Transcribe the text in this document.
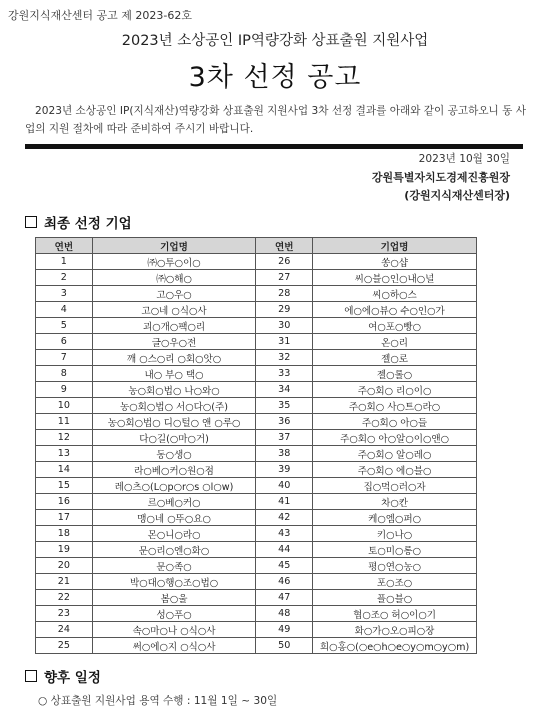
강원지식재산센터 공고 제 2023-62호
2023년 소상공인 IP역량강화 상표출원 지원사업
3차 선정 공고
2023년 소상공인 IP(지식재산)역량강화 상표출원 지원사업 3차 선정 결과를 아래와 같이 공고하오니 동 사업의 지원 절차에 따라 준비하여 주시기 바랍니다.
2023년 10월 30일
강원특별자치도경제진흥원장
(강원지식재산센터장)
최종 선정 기업
연번	기업명	연번	기업명
1	㈜○투○이○	26	쏭○샵
2	㈜○해○	27	씨○블○인○내○널
3	고○우○	28	씨○하○스
4	고○네 ○식○사	29	에○에○뷰○ 수○인○가
5	괴○개○팩○리	30	여○포○빵○
6	글○우○전	31	온○리
7	깨 ○스○리 ○회○앗○	32	젤○로
8	내○ 부○ 택○	33	젤○롤○
9	농○회○법○ 나○와○	34	주○회○ 리○이○
10	농○회○법○ 서○다○(주)	35	주○회○ 사○트○라○
11	농○회○법○ 디○털○ 앤 ○루○	36	주○회○ 아○들
12	다○길(○마○거)	37	주○회○ 아○알○이○앤○
13	동○생○	38	주○회○ 알○레○
14	라○베○커○원○점	39	주○회○ 에○블○
15	레○츠○(L○p○r○s ○l○w)	40	집○먹○러○자
16	르○베○커○	41	차○칸
17	맹○네 ○뚜○요○	42	케○엠○퍼○
18	몬○니○라○	43	키○나○
19	문○리○엔○화○	44	토○미○롱○
20	문○족○	45	평○연○농○
21	박○대○행○조○법○	46	포○조○
22	봄○울	47	플○블○
23	성○푸○	48	협○조○ 허○이○기
24	속○마○나 ○식○사	49	화○가○오○피○장
25	써○에○지 ○식○사	50	희○홍○(○e○h○e○y○m○y○m)
향후 일정
○ 상표출원 지원사업 용역 수행 : 11월 1일 ~ 30일
